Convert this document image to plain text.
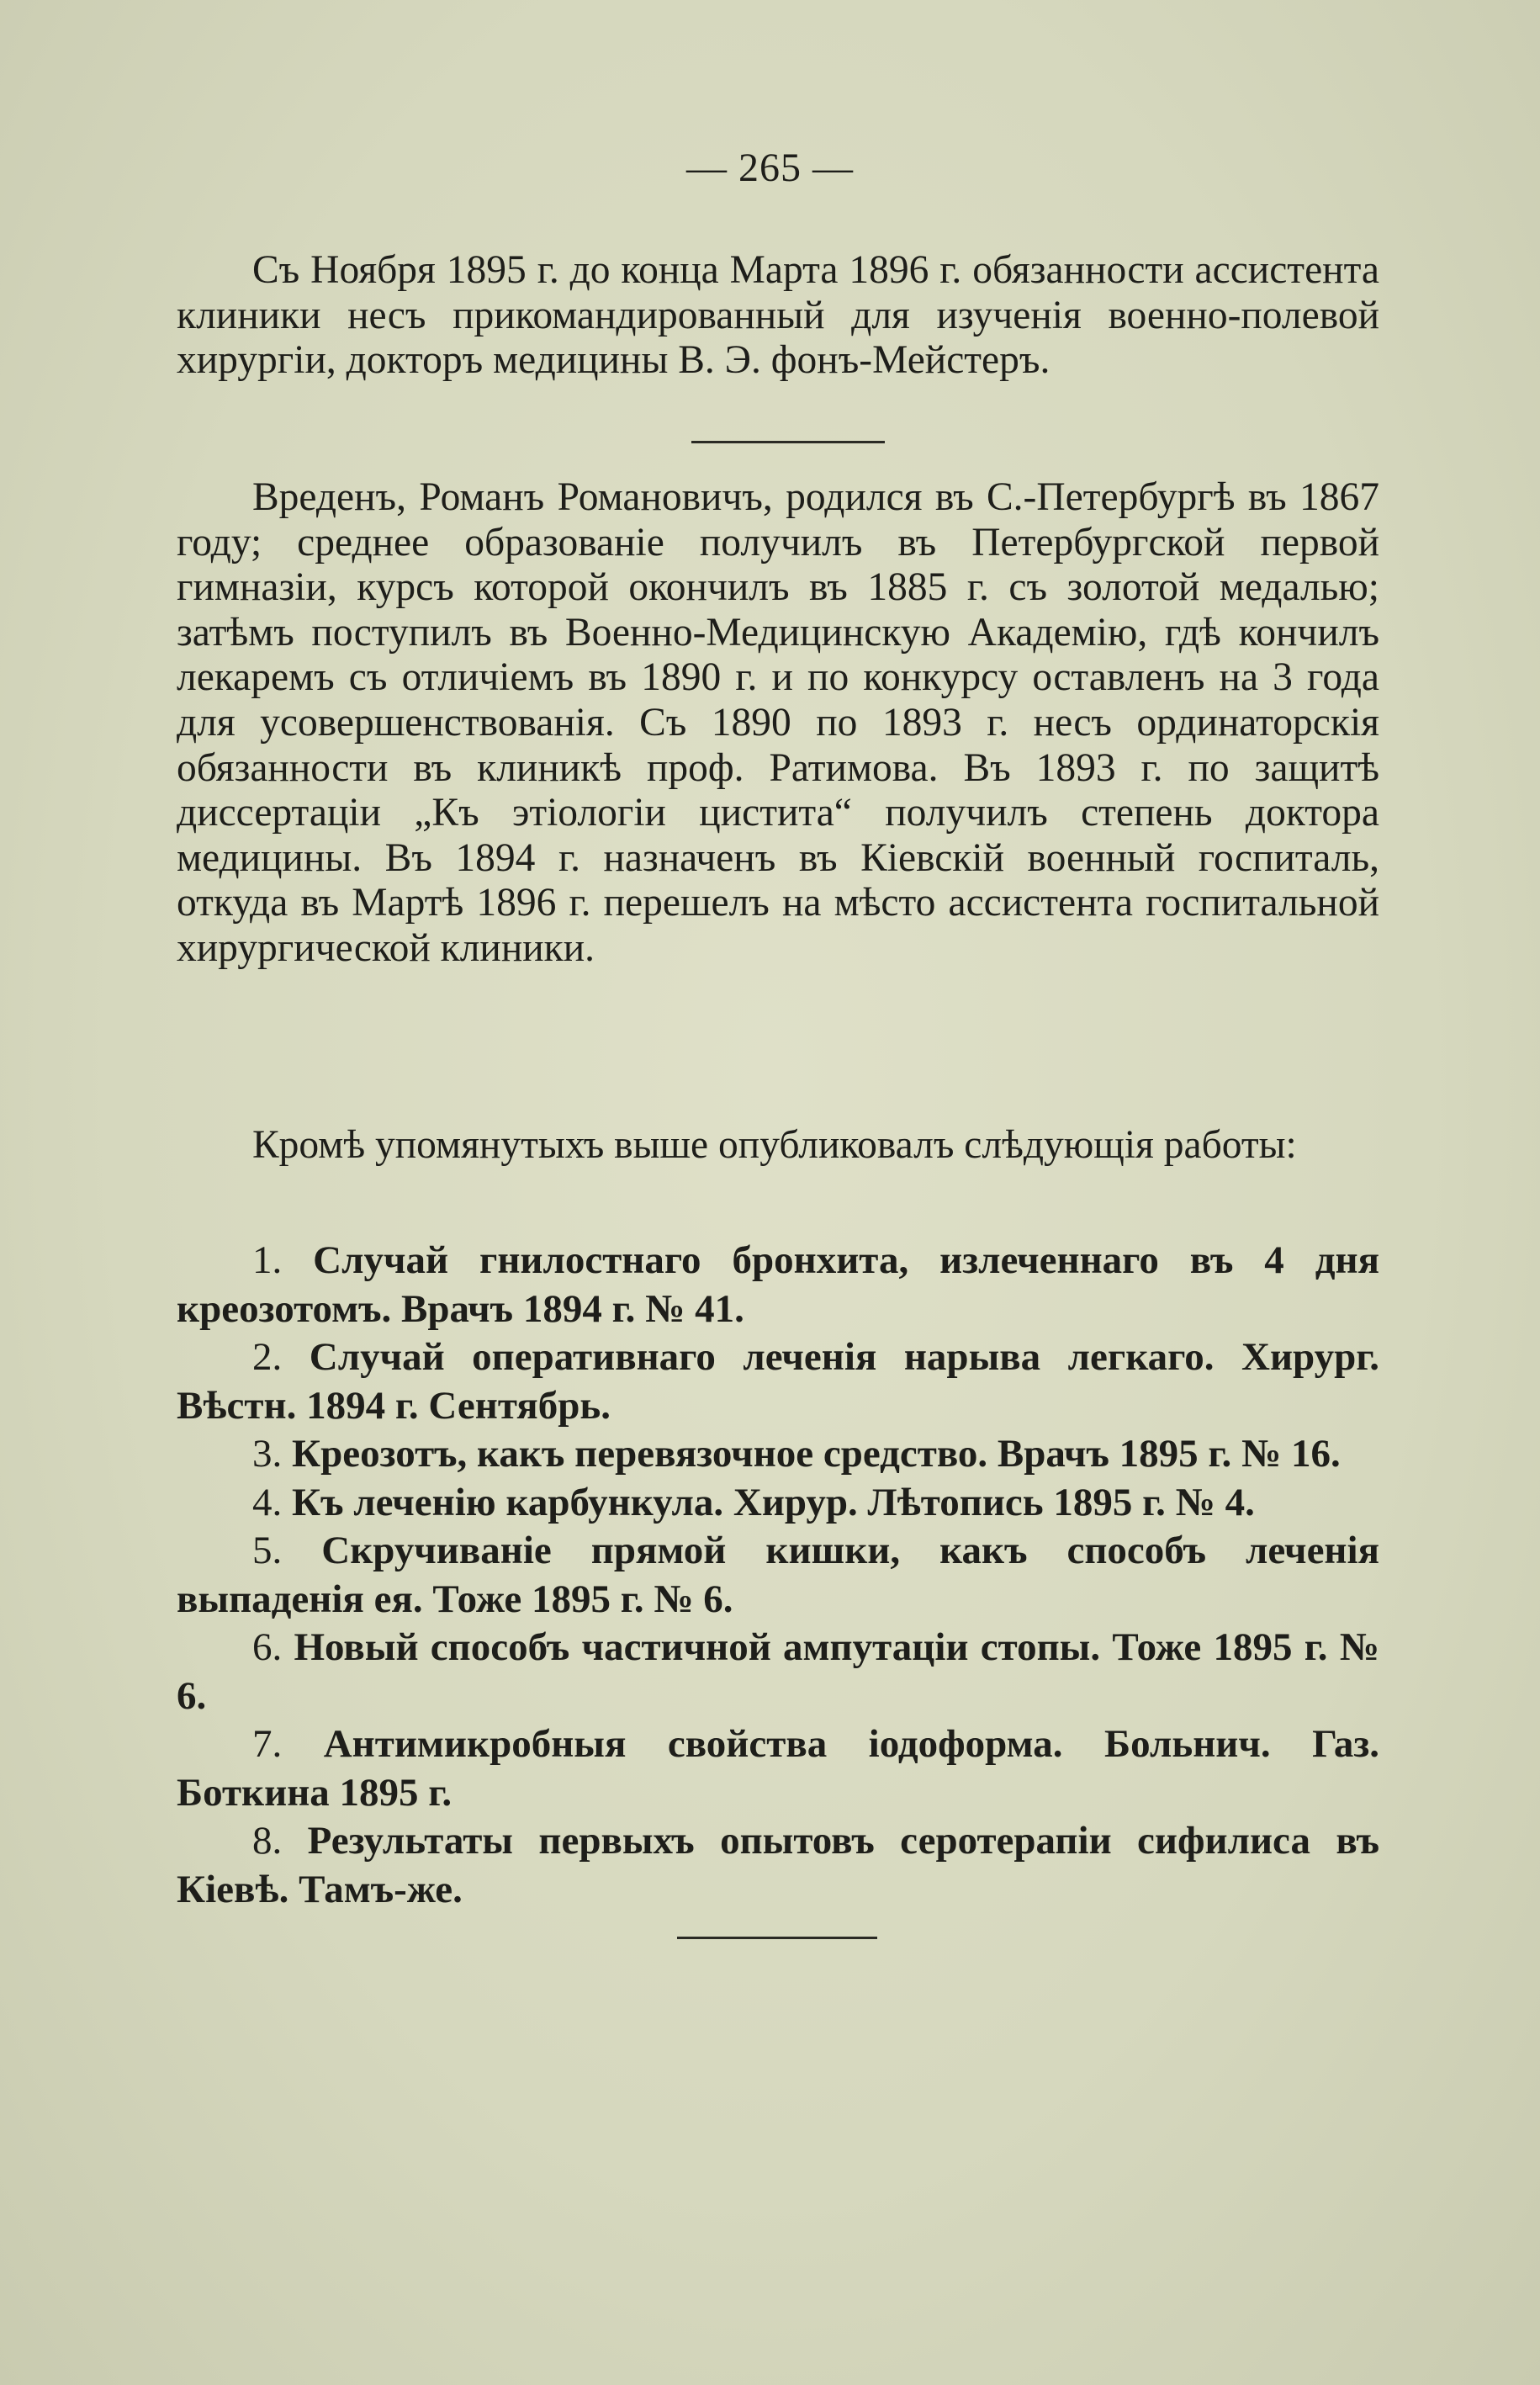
— 265 —

Съ Ноября 1895 г. до конца Марта 1896 г. обязанности ассистента клиники несъ прикомандированный для изученія военно-полевой хирургіи, докторъ медицины В. Э. фонъ-Мейстеръ.

Вреденъ, Романъ Романовичъ, родился въ С.-Петербургѣ въ 1867 году; среднее образованіе получилъ въ Петербургской первой гимназіи, курсъ которой окончилъ въ 1885 г. съ золотой медалью; затѣмъ поступилъ въ Военно-Медицинскую Академію, гдѣ кончилъ лекаремъ съ отличіемъ въ 1890 г. и по конкурсу оставленъ на 3 года для усовершенствованія. Съ 1890 по 1893 г. несъ ординаторскія обязанности въ клиникѣ проф. Ратимова. Въ 1893 г. по защитѣ диссертаціи „Къ этіологіи цистита“ получилъ степень доктора медицины. Въ 1894 г. назначенъ въ Кіевскій военный госпиталь, откуда въ Мартѣ 1896 г. перешелъ на мѣсто ассистента госпитальной хирургической клиники.

Кромѣ упомянутыхъ выше опубликовалъ слѣдующія работы:

1. Случай гнилостнаго бронхита, излеченнаго въ 4 дня креозотомъ. Врачъ 1894 г. № 41.

2. Случай оперативнаго леченія нарыва легкаго. Хирург. Вѣстн. 1894 г. Сентябрь.

3. Креозотъ, какъ перевязочное средство. Врачъ 1895 г. № 16.

4. Къ леченію карбункула. Хирур. Лѣтопись 1895 г. № 4.

5. Скручиваніе прямой кишки, какъ способъ леченія выпаденія ея. Тоже 1895 г. № 6.

6. Новый способъ частичной ампутаціи стопы. Тоже 1895 г. № 6.

7. Антимикробныя свойства іодоформа. Больнич. Газ. Боткина 1895 г.

8. Результаты первыхъ опытовъ серотерапіи сифилиса въ Кіевѣ. Тамъ-же.
